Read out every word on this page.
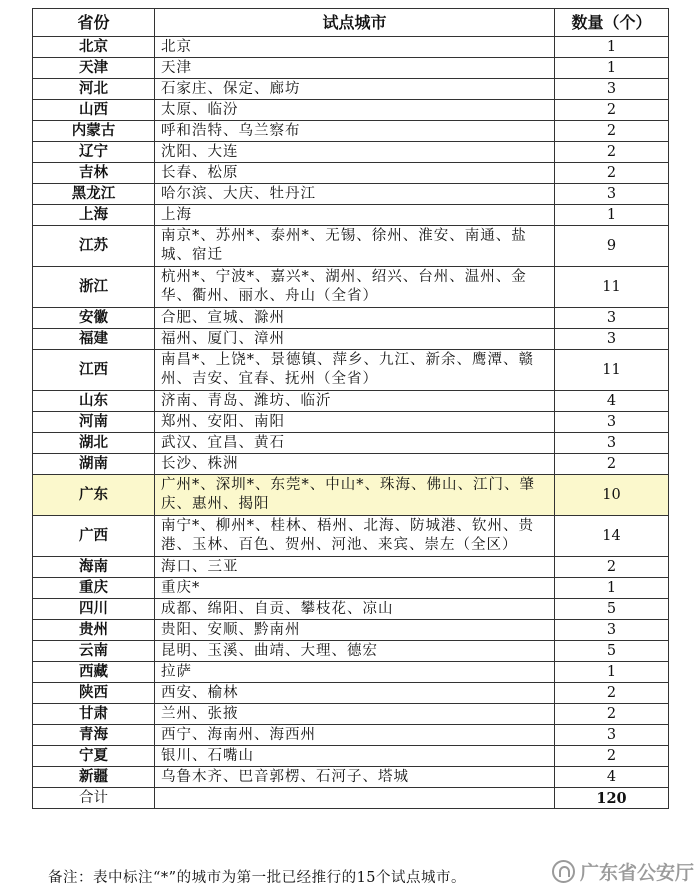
省份	试点城市	数量（个）
北京	北京	1
天津	天津	1
河北	石家庄、保定、廊坊	3
山西	太原、临汾	2
内蒙古	呼和浩特、乌兰察布	2
辽宁	沈阳、大连	2
吉林	长春、松原	2
黑龙江	哈尔滨、大庆、牡丹江	3
上海	上海	1
江苏	南京*、苏州*、泰州*、无锡、徐州、淮安、南通、盐城、宿迁	9
浙江	杭州*、宁波*、嘉兴*、湖州、绍兴、台州、温州、金华、衢州、丽水、舟山（全省）	11
安徽	合肥、宣城、滁州	3
福建	福州、厦门、漳州	3
江西	南昌*、上饶*、景德镇、萍乡、九江、新余、鹰潭、赣州、吉安、宜春、抚州（全省）	11
山东	济南、青岛、潍坊、临沂	4
河南	郑州、安阳、南阳	3
湖北	武汉、宜昌、黄石	3
湖南	长沙、株洲	2
广东	广州*、深圳*、东莞*、中山*、珠海、佛山、江门、肇庆、惠州、揭阳	10
广西	南宁*、柳州*、桂林、梧州、北海、防城港、钦州、贵港、玉林、百色、贺州、河池、来宾、崇左（全区）	14
海南	海口、三亚	2
重庆	重庆*	1
四川	成都、绵阳、自贡、攀枝花、凉山	5
贵州	贵阳、安顺、黔南州	3
云南	昆明、玉溪、曲靖、大理、德宏	5
西藏	拉萨	1
陕西	西安、榆林	2
甘肃	兰州、张掖	2
青海	西宁、海南州、海西州	3
宁夏	银川、石嘴山	2
新疆	乌鲁木齐、巴音郭楞、石河子、塔城	4
合计		120
备注：表中标注“*”的城市为第一批已经推行的15个试点城市。	广东省公安厅
